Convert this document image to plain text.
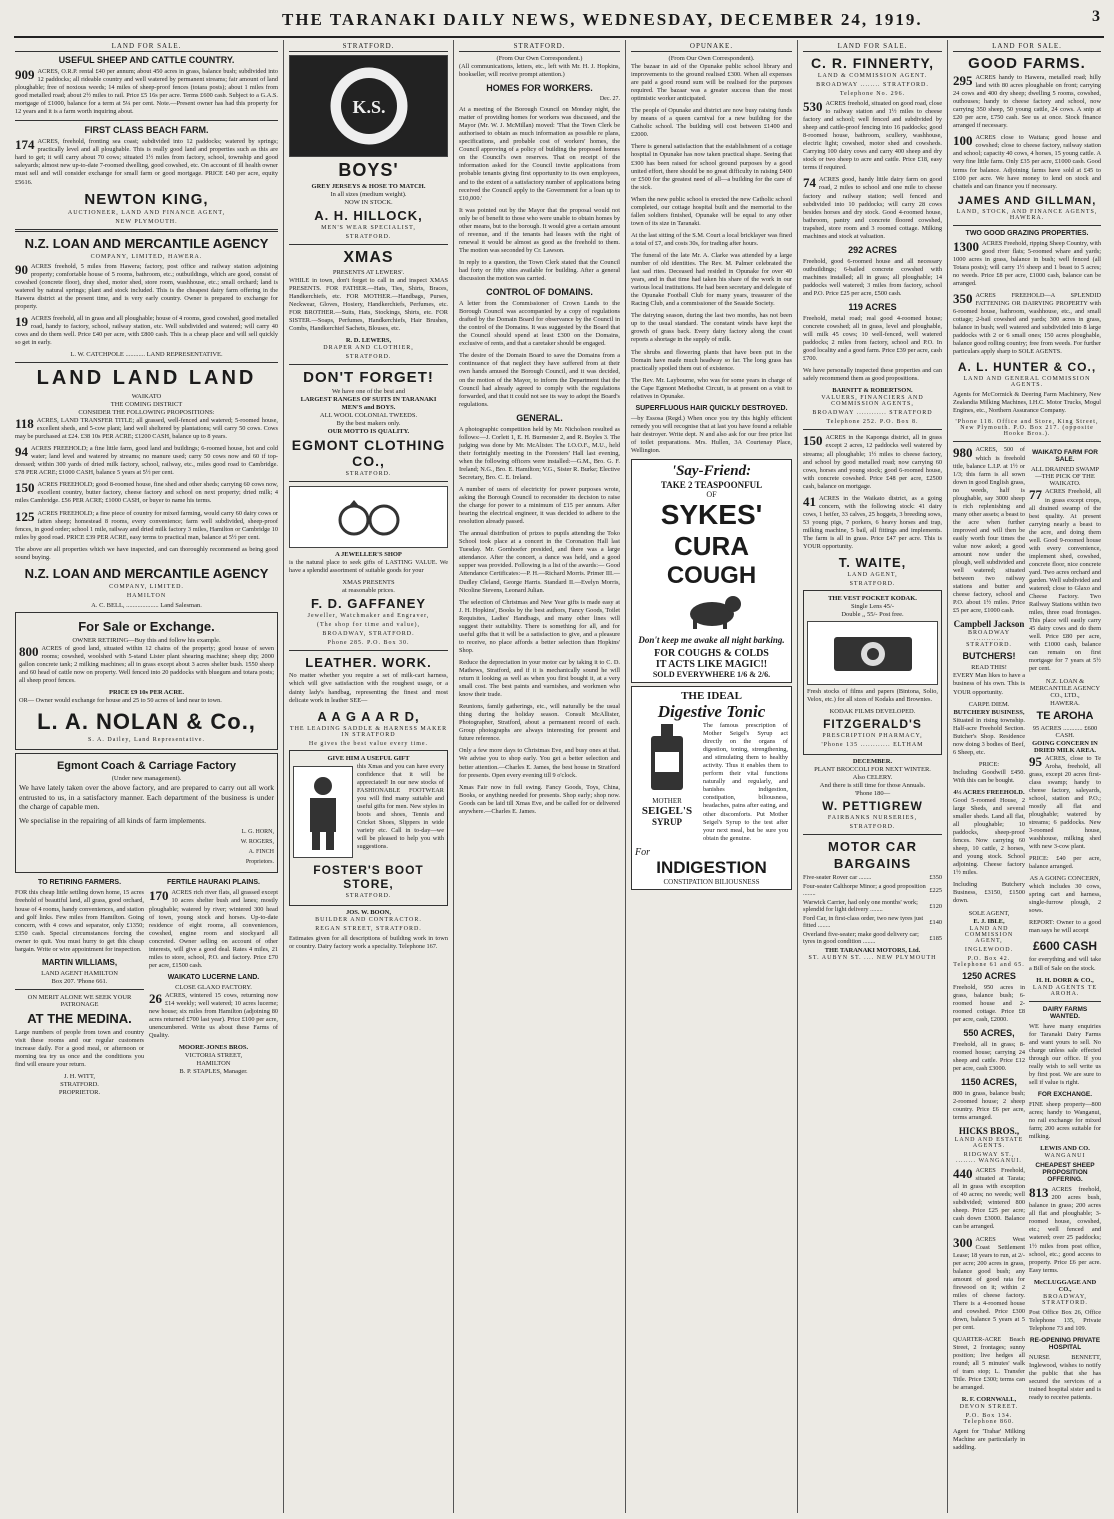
THE TARANAKI DAILY NEWS, WEDNESDAY, DECEMBER 24, 1919.	3
LAND FOR SALE.
USEFUL SHEEP AND CATTLE COUNTRY.

909 ACRES, O.R.P. rental £40 per annum; about 450 acres in grass, balance bush; subdivided into 12 paddocks; all rideable country and well watered by permanent streams; fair amount of land ploughable; free of noxious weeds; 14 miles of sheep-proof fences (totara posts); about 1 miles from good metalled road; about 2½ miles to rail. Price £5 16s per acre. Terms £600 cash. Subject to a G.A.S. mortgage of £1000, balance for a term at 5¼ per cent. Note.—Present owner has had this property for 12 years and it is a farm worth inquiring about.

FIRST CLASS BEACH FARM.

174 ACRES, freehold, fronting sea coast; subdivided into 12 paddocks; watered by springs; practically level and all ploughable. This is really good land and properties such as this are hard to get; it will carry about 70 cows; situated 1½ miles from factory, school, township and good saleyards; almost new up-to-date 7-roomed dwelling, good cowshed, etc. On account of ill health owner must sell and will consider exchange for small farm or good mortgage. PRICE £40 per acre, equity £5616.

NEWTON KING,
AUCTIONEER, LAND AND FINANCE AGENT,
NEW PLYMOUTH.
N.Z. LOAN AND MERCANTILE AGENCY
COMPANY, LIMITED, HAWERA.

90 ACRES freehold, 5 miles from Hawera; factory, post office and railway station adjoining property; comfortable house of 5 rooms, bathroom, etc.; outbuildings, which are good, consist of cowshed (concrete floor), dray shed, motor shed, store room, washhouse, etc.; small orchard; land is watered by natural springs; plant and stock included. This is the cheapest dairy farm offering in the Hawera district at the present time, and is very early country. Owner is prepared to exchange for property.

19 ACRES freehold, all in grass and all ploughable; house of 4 rooms, good cowshed, good metalled road, handy to factory, school, railway station, etc. Well subdivided and watered; will carry 40 cows and do them well. Price £40 per acre, with £800 cash. This is a cheap place and will sell quickly so get in early.

L. W. CATCHPOLE ............ LAND REPRESENTATIVE.
LAND LAND LAND
WAIKATO
THE COMING DISTRICT
CONSIDER THE FOLLOWING PROPOSITIONS:

118 ACRES, LAND TRANSFER TITLE; all grassed, well-fenced and watered; 5-roomed house, excellent sheds, and 5-cow plant; land well sheltered by plantations; will carry 50 cows. Cows may be purchased at £24. £38 10s PER ACRE; £1200 CASH, balance up to 8 years.

94 ACRES FREEHOLD; a fine little farm, good land and buildings; 6-roomed house, hot and cold water; land level and watered by streams; no manure used; carry 50 cows now and 60 if top-dressed; within 300 yards of dried milk factory, school, railway, etc., miles good road to Cambridge. £78 PER ACRE; £1000 CASH, balance 5 years at 5½ per cent.

150 ACRES FREEHOLD; good 8-roomed house, fine shed and other sheds; carrying 60 cows now, excellent country, butter factory, cheese factory and school on next property; dried milk; 4 miles Cambridge. £56 PER ACRE; £1000 CASH, or buyer to name his terms.

125 ACRES FREEHOLD; a fine piece of country for mixed farming, would carry 60 dairy cows or fatten sheep; homestead 8 rooms, every convenience; farm well subdivided, sheep-proof fences, in good order; school 1 mile, railway and dried milk factory 3 miles, Hamilton or Cambridge 10 miles by good road. PRICE £39 PER ACRE, easy terms to practical man, balance at 5½ per cent.

The above are all properties which we have inspected, and can thoroughly recommend as being good sound buying.

N.Z. LOAN AND MERCANTILE AGENCY
COMPANY, LIMITED.
HAMILTON
A. C. BELL, .................... Land Salesman.
For Sale or Exchange.
OWNER RETIRING—Buy this and follow his example.

800 ACRES of good land, situated within 12 chains of the property; good house of seven rooms; cowshed, woolshed with 5-stand Lister plant shearing machine; sheep dip; 2000 gallon concrete tank; 2 milking machines; all in grass except about 3 acres shelter bush. 1550 sheep and 60 head of cattle now on property. Well fenced into 20 paddocks with bluegum and totara posts; all sheep proof fences.

PRICE £9 10s PER ACRE.

OR— Owner would exchange for house and 25 to 50 acres of land near to town.

L. A. NOLAN & Co.,
S. A. Dailey, Land Representative.
Egmont Coach & Carriage Factory
(Under new management).

We have lately taken over the above factory, and are prepared to carry out all work entrusted to us, in a satisfactory manner. Each department of the business is under the charge of capable men.

We specialise in the repairing of all kinds of farm implements.

L. G. HORN,
W. ROGERS,
A. FINCH
Proprietors.
TO RETIRING FARMERS.

FOR this cheap little settling down home, 15 acres freehold of beautiful land, all grass, good orchard, house of 4 rooms, handy conveniences, and station and golf links. Few miles from Hamilton. Going concern, with 4 cows and separator, only £1350; £350 cash. Special circumstances forcing the owner to quit. You must hurry to get this cheap bargain. Write or wire appointment for inspection.

MARTIN WILLIAMS,
LAND AGENT HAMILTON
Box 207. 'Phone 661.
ON MERIT ALONE WE SEEK YOUR PATRONAGE
AT THE MEDINA.

Large numbers of people from town and country visit these rooms and our regular customers increase daily. For a good meal, or afternoon or morning tea try us once and the conditions you find will ensure your return.

J. H. WITT,
STRATFORD.
PROPRIETOR.
FERTILE HAURAKI PLAINS.

170 ACRES rich river flats, all grassed except 10 acres shelter bush and lanes; mostly ploughable; watered by river; wintered 300 head of town, young stock and horses. Up-to-date residence of eight rooms, all conveniences, cowshed, engine room and stockyard all concreted. Owner selling on account of other interests, will give a good deal. Rates 4 miles, 21 miles to store, school, P.O. and factory. Price £70 per acre, £1500 cash.

WAIKATO LUCERNE LAND.
CLOSE GLAXO FACTORY.

26 ACRES, wintered 15 cows, returning now £14 weekly; well watered; 10 acres lucerne; new house; six miles from Hamilton (adjoining 80 acres returned £700 last year). Price £100 per acre, unencumbered. Write us about these Farms of Quality.

MOORE-JONES BROS.
VICTORIA STREET,
HAMILTON
B. P. STAPLES, Manager.
STRATFORD.
K.S.
BOYS'
GREY JERSEYS & HOSE TO MATCH.
In all sizes (medium weight).
NOW IN STOCK.
A. H. HILLOCK,
MEN'S WEAR SPECIALIST,
STRATFORD.
XMAS
PRESENTS AT LEWERS'.

WHILE in town, don't forget to call in and inspect XMAS PRESENTS. FOR FATHER.—Hats, Ties, Shirts, Braces, Handkerchiefs, etc. FOR MOTHER.—Handbags, Purses, Neckwear, Gloves, Hosiery, Handkerchiefs, Perfumes, etc. FOR BROTHER.—Suits, Hats, Stockings, Shirts, etc. FOR SISTER.—Soaps, Perfumes, Handkerchiefs, Hair Brushes, Combs, Handkerchief Sachets, Blouses, etc.

R. D. LEWERS,
DRAPER AND CLOTHIER,
STRATFORD.
DON'T FORGET!
We have one of the best and
LARGEST RANGES OF SUITS IN TARANAKI
MEN'S and BOYS.
ALL WOOL COLONIAL TWEEDS.
By the best makers only.
OUR MOTTO IS QUALITY.
EGMONT CLOTHING CO.,
STRATFORD.
A JEWELLER'S SHOP

is the natural place to seek gifts of LASTING VALUE. We have a splendid assortment of suitable goods for your

XMAS PRESENTS
at reasonable prices.
F. D. GAFFANEY
Jeweller, Watchmaker and Engraver,
(The shop for time and value),
BROADWAY, STRATFORD.
Phone 285. P.O. Box 30.
LEATHER. WORK.

No matter whether you require a set of milk-cart harness, which will give satisfaction with the roughest usage, or a dainty lady's handbag, representing the finest and most delicate work in leather SEE—

A A G A A R D,
THE LEADING SADDLE & HARNESS MAKER IN STRATFORD
He gives the best value every time.
GIVE HIM A USEFUL GIFT

this Xmas and you can have every confidence that it will be appreciated! In our new stocks of FASHIONABLE FOOTWEAR you will find many suitable and useful gifts for men. New styles in boots and shoes, Tennis and Cricket Shoes, Slippers in wide variety etc. Call in to-day—we will be pleased to help you with suggestions.

FOSTER'S BOOT STORE,
STRATFORD.
JOS. W. BOON,
BUILDER AND CONTRACTOR.
REGAN STREET, STRATFORD.

Estimates given for all descriptions of building work in town or country. Dairy factory work a speciality. Telephone 167.

STRATFORD.
(From Our Own Correspondent.)

(All communications, letters, etc., left with Mr. H. J. Hopkins, bookseller, will receive prompt attention.)

HOMES FOR WORKERS.
Dec. 27.

At a meeting of the Borough Council on Monday night, the matter of providing homes for workers was discussed, and the Mayor (Mr. W. J. McMillan) moved: 'That the Town Clerk be authorised to obtain as much information as possible re plans, specifications, and probable cost of workers' homes, the Council approving of a policy of building the proposed homes on the Council's own reserves. That on receipt of the information asked for the Council invite applications from probable tenants giving first opportunity to its own employees, and to the extent of a satisfactory number of applications being received the Council apply to the Government for a loan up to £10,000.'

It was pointed out by the Mayor that the proposal would not only be of benefit to those who were unable to obtain homes by other means, but to the borough. It would give a certain amount of revenue, and if the tenants had leases with the right of renewal it would be almost as good as the freehold to them. The motion was seconded by Cr. Lawson.

In reply to a question, the Town Clerk stated that the Council had forty or fifty sites available for building. After a general discussion the motion was carried.

CONTROL OF DOMAINS.

A letter from the Commissioner of Crown Lands to the Borough Council was accompanied by a copy of regulations drafted by the Domain Board for observance by the Council in the control of the Domains. It was suggested by the Board that the Council should spend at least £300 on the Domains, exclusive of rents, and that a caretaker should be engaged.

The desire of the Domain Board to save the Domains from a continuance of that neglect they have suffered from at their own hands amused the Borough Council, and it was decided, on the motion of the Mayor, to inform the Department that the Council had already agreed to comply with the regulations forwarded, and that it could not see its way to adopt the Board's regulations.

GENERAL.

A photographic competition held by Mr. Nicholson resulted as follows:—J. Corlett 1, E. H. Burmester 2, and R. Boyles 3. The judging was done by Mr. McAlister. The I.O.O.F., M.U., held their fortnightly meeting in the Foresters' Hall last evening, when the following officers were installed:—G.M., Bro. G. F. Ireland; N.G., Bro. E. Hamilton; V.G., Sister R. Burke; Elective Secretary, Bro. C. E. Ireland.

A number of users of electricity for power purposes wrote, asking the Borough Council to reconsider its decision to raise the charge for power to a minimum of £15 per annum. After hearing the electrical engineer, it was decided to adhere to the resolution already passed.

The annual distribution of prizes to pupils attending the Toko School took place at a concert in the Coronation Hall last Tuesday. Mr. Gornhoefer presided, and there was a large attendance. After the concert, a dance was held, and a good supper was provided. Following is a list of the awards:— Good Attendance Certificates:—P. H.—Richard Morris. Primer III.—Dudley Cleland, George Harris. Standard II.—Evelyn Morris, Nicoline Stevens, Leonard Julian.

The selection of Christmas and New Year gifts is made easy at J. H. Hopkins', Books by the best authors, Fancy Goods, Toilet Requisites, Ladies' Handbags, and many other lines will suggest their suitability. There is something for all, and for useful gifts that it will be a satisfaction to give, and a pleasure to receive, no place affords a better selection than Hopkins' Shop.

Reduce the depreciation in your motor car by taking it to C. D. Mathews, Stratford, and if it is mechanically sound he will return it looking as well as when you first bought it, at a very small cost. The best paints and varnishes, and workmen who know their trade.

Reunions, family gatherings, etc., will naturally be the usual thing during the holiday season. Consult McAllister, Photographer, Stratford, about a permanent record of each. Group photographs are always interesting for present and future reference.

Only a few more days to Christmas Eve, and busy ones at that. We advise you to shop early. You get a better selection and better attention.—Charles E. James, the best house in Stratford for presents. Open every evening till 9 o'clock.

Xmas Fair now in full swing. Fancy Goods, Toys, China, Books, or anything needed for presents. Shop early; shop now. Goods can be laid till Xmas Eve, and be called for or delivered anywhere.—Charles E. James.

OPUNAKE.
(From Our Own Correspondent).

The bazaar in aid of the Opunake public school library and improvements to the ground realised £300. When all expenses are paid a good round sum will be realised for the purposes required. The bazaar was a greater success than the most optimistic worker anticipated.

The people of Opunake and district are now busy raising funds by means of a queen carnival for a new building for the Catholic school. The building will cost between £1400 and £2000.

There is general satisfaction that the establishment of a cottage hospital in Opunake has now taken practical shape. Seeing that £300 has been raised for school ground purposes by a good united effort, there should be no great difficulty in raising £400 or £500 for the greatest need of all—a building for the care of the sick.

When the new public school is erected the new Catholic school completed, our cottage hospital built and the memorial to the fallen soldiers finished, Opunake will be equal to any other town of its size in Taranaki.

At the last sitting of the S.M. Court a local bricklayer was fined a total of £7, and costs 30s, for trading after hours.

The funeral of the late Mr. A. Clarke was attended by a large number of old identities. The Rev. M. Palmer celebrated the last sad rites. Deceased had resided in Opunake for over 40 years, and in that time had taken his share of the work in our various local institutions. He had been secretary and delegate of the Opunake Football Club for many years, treasurer of the Racing Club, and a commissioner of the Seaside Society.

The dairying season, during the last two months, has not been up to the usual standard. The constant winds have kept the growth of grass back. Every dairy factory along the coast reports a shortage in the supply of milk.

The shrubs and flowering plants that have been put in the Domain have made much headway so far. The long grass has practically spoiled them out of existence.

The Rev. Mr. Laybourne, who was for some years in charge of the Cape Egmont Methodist Circuit, is at present on a visit to relatives in Opunake.

SUPERFLUOUS HAIR QUICKLY DESTROYED.

—by Essosa (Regd.) When once you try this highly efficient remedy you will recognise that at last you have found a reliable hair destroyer. Write dept. N and also ask for our free price list of toilet preparations. Mrs. Hullen, 3A Courtenay Place, Wellington.

'Say-Friend:
TAKE 2 TEASPOONFUL
OF
SYKES'
CURA
COUGH
Don't keep me awake all night barking.
FOR COUGHS & COLDS
IT ACTS LIKE MAGIC!!
SOLD EVERYWHERE 1/6 & 2/6.
THE IDEAL
Digestive Tonic
MOTHER
SEIGEL'S
SYRUP

The famous prescription of Mother Seigel's Syrup act directly on the organs of digestion, toning, strengthening, and stimulating them to healthy activity. Thus it enables them to perform their vital functions naturally and regularly, and banishes indigestion, constipation, biliousness, headaches, pains after eating, and other discomforts. Put Mother Seigel's Syrup to the test after your next meal, but be sure you obtain the genuine.

For
INDIGESTION
CONSTIPATION BILIOUSNESS
LAND FOR SALE.
C. R. FINNERTY,
LAND & COMMISSION AGENT.
BROADWAY ........ STRATFORD.
Telephone No. 296.

530 ACRES freehold, situated on good road, close to railway station and 1½ miles to cheese factory and school; well fenced and subdivided by sheep and cattle-proof fencing into 16 paddocks; good 8-roomed house, bathroom, scullery, washhouse, electric light; cowshed, motor shed and cowsheds. Carrying 100 dairy cows and carry 400 sheep and dry stock or two sheep to acre and cattle. Price £18, easy terms if required.

74 ACRES good, handy little dairy farm on good road, 2 miles to school and one mile to cheese factory and railway station; well fenced and subdivided into 10 paddocks; will carry 28 cows besides horses and dry stock. Good 4-roomed house, bathroom, pantry and concrete floored cowshed, trapshed, store room and 3 roomed cottage. Milking machines and stock at valuation.

292 ACRES

Freehold, good 6-roomed house and all necessary outbuildings; 6-bailed concrete cowshed with machines installed; all in grass; all ploughable; 14 paddocks well watered; 3 miles from factory, school and P.O. Price £25 per acre, £500 cash.

119 ACRES

Freehold, metal road; real good 4-roomed house; concrete cowshed; all in grass, level and ploughable, will milk 45 cows; 10 well-fenced, well watered paddocks; 2 miles from factory, school and P.O. In good locality and a good farm. Price £39 per acre, cash £700.

We have personally inspected these properties and can safely recommend them as good propositions.

BARNITT & ROBERTSON.
VALUERS, FINANCIERS AND COMMISSION AGENTS,
BROADWAY ............ STRATFORD
Telephone 252. P.O. Box 8.

150 ACRES in the Kaponga district, all in grass except 2 acres, 12 paddocks well watered by streams; all ploughable; 1½ miles to cheese factory, and school by good metalled road; now carrying 60 cows, horses and young stock; good 6-roomed house, with concrete cowshed. Price £48 per acre, £2500 cash, balance on mortgage.

41 ACRES in the Waikato district, as a going concern, with the following stock: 41 dairy cows, 1 heifer, 33 calves, 25 hoggets, 3 breeding sows, 53 young pigs, 7 porkers, 6 heavy horses and trap, milking machine, 5 bail, all fittings and implements. The farm is all in grass. Price £47 per acre. This is YOUR opportunity.

T. WAITE,
LAND AGENT,
STRATFORD.
THE VEST POCKET KODAK.
Single Lens 45/-
Double ,, 55/- Post free.

Fresh stocks of films and papers (Bintona, Solio, Velox, etc.) for all sizes of Kodaks and Brownies.

KODAK FILMS DEVELOPED.
FITZGERALD'S
PRESCRIPTION PHARMACY,
'Phone 135 ............ ELTHAM
DECEMBER.
PLANT BROCCOLI FOR NEXT WINTER.
Also CELERY.
And there is still time for those Annuals.
'Phone 180—
W. PETTIGREW
FAIRBANKS NURSERIES,
STRATFORD.
MOTOR CAR
BARGAINS
Five-seater Rover car ........	£350
Four-seater Calthorpe Minor; a good proposition ........	£225
Warwick Carrier, had only one months' work; splendid for light delivery ........	£120
Ford Car, in first-class order, two new tyres just fitted ........	£140
Overland five-seater; make good delivery car; tyres in good condition ........	£185
THE TARANAKI MOTORS, Ltd.
ST. AUBYN ST. .... NEW PLYMOUTH
LAND FOR SALE.
GOOD FARMS.

295 ACRES handy to Hawera, metalled road; hilly land with 80 acres ploughable on front; carrying 24 cows and 400 dry sheep; dwelling 5 rooms, cowshed, outhouses; handy to cheese factory and school, now carrying 350 sheep, 50 young cattle, 24 cows. A snip at £20 per acre, £750 cash. See us at once. Stock finance arranged if necessary.

100 ACRES close to Waitara; good house and cowshed; close to cheese factory, railway station and school; capacity 40 cows, 4 horses, 15 young cattle. A very fine little farm. Only £35 per acre, £1000 cash. Good terms for balance. Adjoining farms have sold at £45 to £100 per acre. We have money to lend on stock and chattels and can finance you if necessary.

JAMES AND GILLMAN,
LAND, STOCK, AND FINANCE AGENTS, HAWERA.
TWO GOOD GRAZING PROPERTIES.

1300 ACRES Freehold, ripping Sheep Country, with good river flats; 5-roomed whare and yards; 1000 acres in grass, balance in bush; well fenced (all Totara posts); will carry 1½ sheep and 1 beast to 5 acres; no weeds. Price £8 per acre, £1000 cash, balance can be arranged.

350 ACRES FREEHOLD—A SPLENDID FATTENING OR DAIRYING PROPERTY with 6-roomed house, bathroom, washhouse, etc., and small cottage; 2-bail cowshed and yards; 300 acres in grass, balance in bush; well watered and subdivided into 8 large paddocks with 2 or 6 small ones; 150 acres ploughable, balance good rolling country; free from weeds. For further particulars apply sharp to SOLE AGENTS.

A. L. HUNTER & CO.,
LAND AND GENERAL COMMISSION AGENTS.

Agents for McCormick & Deering Farm Machinery, New Zealandia Milking Machines, I.H.C. Motor Trucks, Mogul Engines, etc., Northern Assurance Company.

'Phone 118. Office and Store, King Street, New Plymouth. P.O. Box 217. (opposite Hooke Bros.).

980 ACRES, 500 of which is freehold title, balance L.I.P. at 1½ or 1/3; this farm is all sown down in good English grass, no weeds, half is ploughable, say 3000 sheep is rich replenishing and many other assets; a beast to the acre when further improved and will then be easily worth four times the value now asked; a good amount now under the plough, well subdivided and well watered; situated between two railway stations and butter and cheese factory, school and P.O. about 1½ miles. Price £5 per acre, £1000 cash.

Campbell Jackson
BROADWAY ............ STRATFORD.
BUTCHERS!
READ THIS!

EVERY Man likes to have a business of his own. This is YOUR opportunity.

CARPE DIEM.
BUTCHERY BUSINESS,

Situated in rising township. Half-acre Freehold Section. Butcher's Shop. Residence now doing 3 bodies of Beef, 6 Sheep, etc.

PRICE:

Including Goodwill £450. With this can be bought.

4½ ACRES FREEHOLD.

Good 5-roomed House, 2 large Sheds, and several smaller sheds. Land all flat, all ploughable; 10 paddocks, sheep-proof fences. Now carrying 60 sheep, 10 cattle, 2 horses, and young stock. School adjoining. Cheese factory 1½ miles.

Including Butchery Business, £3150, £1500 down.

SOLE AGENT,
E. J. IBLE,
LAND AND COMMISSION AGENT,
INGLEWOOD.
P.O. Box 42. Telephone 61 and 65.
1250 ACRES

Freehold, 950 acres in grass, balance bush; 6-roomed house and 2-roomed cottage. Price £8 per acre, cash, £2000.

550 ACRES,

Freehold, all in grass; 8-roomed house; carrying 24 sheep and cattle. Price £12 per acre, cash £3000.

1150 ACRES,

800 in grass, balance bush; 2-roomed house; 2 sheep country. Price £6 per acre, terms arranged.

HICKS BROS.,
LAND AND ESTATE AGENTS.
RIDGWAY ST., ........ WANGANUI.

440 ACRES Freehold, situated at Tarata; all in grass with exception of 40 acres; no weeds; well subdivided; wintered 800 sheep. Price £25 per acre; cash down £3000. Balance can be arranged.

300 ACRES West Coast Settlement Lease; 18 years to run, at 2/- per acre; 200 acres in grass, balance good bush; any amount of good rata for firewood on it; within 2 miles of cheese factory. There is a 4-roomed house and cowshed. Price £300 down, balance 5 years at 5 per cent.

QUARTER-ACRE Beach Street, 2 frontages; sunny position; live hedges all round; all 5 minutes' walk of tram stop; L. Transfer Title. Price £300; terms can be arranged.

R. F. CORNWALL,
DEVON STREET.
P.O. Box 134. Telephone 860.

Agent for 'Trahar' Milking Machine are particularly in saddling.

WAIKATO FARM FOR SALE.
ALL DRAINED SWAMP—THE PICK OF THE WAIKATO.

77 ACRES Freehold, all in grass except crops, all drained swamp of the best quality. At present carrying nearly a beast to the acre, and doing them well. Good 9-roomed house with every convenience, implement shed, cowshed, concrete floor, nice concrete yard. Two acres orchard and garden. Well subdivided and watered; close to Glaxo and Cheese Factory. Two Railway Stations within two miles, three road frontages. This place will easily carry 45 dairy cows and do them well. Price £80 per acre, with £1000 cash, balance can remain on first mortgage for 7 years at 5½ per cent.

N.Z. LOAN & MERCANTILE AGENCY CO., LTD.,
HAWERA.
TE AROHA
95 ACRES ............ £600 CASH.
GOING CONCERN IN DRIED MILK AREA.

95 ACRES, close to Te Aroha, freehold, all grass, except 20 acres first-class swamp; handy to cheese factory, saleyards, school, station and P.O.; mostly all flat and ploughable; watered by streams; 6 paddocks. New 3-roomed house, washhouse, milking shed with new 3-cow plant.

PRICE: £40 per acre, balance arranged.

AS A GOING CONCERN,

which includes 30 cows, spring cart and harness, single-furrow plough, 2 sows.

REPORT: Owner to a good man says he will accept

£600 CASH

for everything and will take a Bill of Sale on the stock.

H. H. DORR & CO.,
LAND AGENTS TE AROHA.
DAIRY FARMS WANTED.

WE have many enquiries for Taranaki Dairy Farms and want yours to sell. No charge unless sale effected through our office. If you really wish to sell write us by first post. We are sure to sell if value is right.

FOR EXCHANGE.

FINE sheep property—800 acres; handy to Wanganui, no rail exchange for mixed farm; 200 acres suitable for milking.

LEWIS AND CO.
WANGANUI
CHEAPEST SHEEP PROPOSITION OFFERING.

813 ACRES freehold, 200 acres bush, balance in grass; 200 acres all flat and ploughable; 3-roomed house, cowshed, etc.; well fenced and watered; over 25 paddocks; 1½ miles from post office, school, etc.; good access to property. Price £6 per acre. Easy terms.

McCLUGGAGE AND CO.,
BROADWAY, STRATFORD.

Post Office Box 26, Office Telephone 135, Private Telephone 73 and 109.

RE-OPENING PRIVATE HOSPITAL

NURSE BENNETT, Inglewood, wishes to notify the public that she has secured the services of a trained hospital sister and is ready to receive patients.
